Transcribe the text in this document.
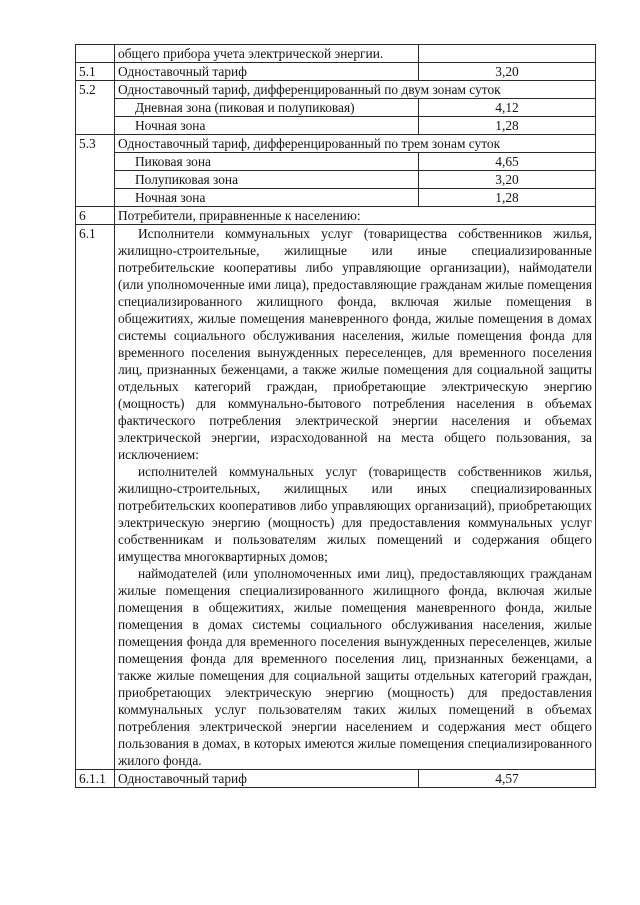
	общего прибора учета электрической энергии.	
5.1	Одноставочный тариф	3,20
5.2	Одноставочный тариф, дифференцированный по двум зонам суток	
	Дневная зона (пиковая и полупиковая)	4,12
	Ночная зона	1,28
5.3	Одноставочный тариф, дифференцированный по трем зонам суток	
	Пиковая зона	4,65
	Полупиковая зона	3,20
	Ночная зона	1,28
6	Потребители, приравненные к населению:	
6.1	Исполнители коммунальных услуг (товарищества собственников жилья, жилищно-строительные, жилищные или иные специализированные потребительские кооперативы либо управляющие организации), наймодатели (или уполномоченные ими лица), предоставляющие гражданам жилые помещения специализированного жилищного фонда, включая жилые помещения в общежитиях, жилые помещения маневренного фонда, жилые помещения в домах системы социального обслуживания населения, жилые помещения фонда для временного поселения вынужденных переселенцев, для временного поселения лиц, признанных беженцами, а также жилые помещения для социальной защиты отдельных категорий граждан, приобретающие электрическую энергию (мощность) для коммунально-бытового потребления населения в объемах фактического потребления электрической энергии населения и объемах электрической энергии, израсходованной на места общего пользования, за исключением:

исполнителей коммунальных услуг (товариществ собственников жилья, жилищно-строительных, жилищных или иных специализированных потребительских кооперативов либо управляющих организаций), приобретающих электрическую энергию (мощность) для предоставления коммунальных услуг собственникам и пользователям жилых помещений и содержания общего имущества многоквартирных домов;

наймодателей (или уполномоченных ими лиц), предоставляющих гражданам жилые помещения специализированного жилищного фонда, включая жилые помещения в общежитиях, жилые помещения маневренного фонда, жилые помещения в домах системы социального обслуживания населения, жилые помещения фонда для временного поселения вынужденных переселенцев, жилые помещения фонда для временного поселения лиц, признанных беженцами, а также жилые помещения для социальной защиты отдельных категорий граждан, приобретающих электрическую энергию (мощность) для предоставления коммунальных услуг пользователям таких жилых помещений в объемах потребления электрической энергии населением и содержания мест общего пользования в домах, в которых имеются жилые помещения специализированного жилого фонда.	

6.1.1	Одноставочный тариф	4,57
